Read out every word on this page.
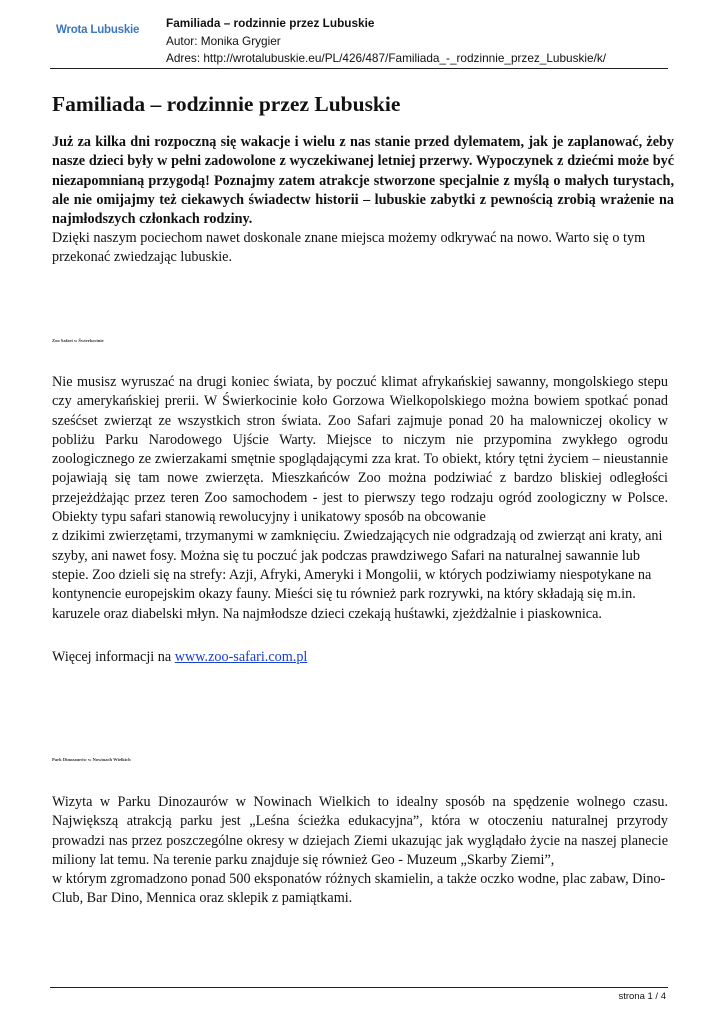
Wrota Lubuskie	Familiada – rodzinnie przez Lubuskie
Autor: Monika Grygier
Adres: http://wrotalubuskie.eu/PL/426/487/Familiada_-_rodzinnie_przez_Lubuskie/k/
Familiada – rodzinnie przez Lubuskie

Już za kilka dni rozpoczną się wakacje i wielu z nas stanie przed dylematem, jak je zaplanować, żeby nasze dzieci były w pełni zadowolone z wyczekiwanej letniej przerwy. Wypoczynek z dziećmi może być niezapomnianą przygodą! Poznajmy zatem atrakcje stworzone specjalnie z myślą o małych turystach, ale nie omijajmy też ciekawych świadectw historii – lubuskie zabytki z pewnością zrobią wrażenie na najmłodszych członkach rodziny.

Dzięki naszym pociechom nawet doskonale znane miejsca możemy odkrywać na nowo. Warto się o tym przekonać zwiedzając lubuskie.

Zoo Safari w Świerkocinie

Nie musisz wyruszać na drugi koniec świata, by poczuć klimat afrykańskiej sawanny, mongolskiego stepu czy amerykańskiej prerii. W Świerkocinie koło Gorzowa Wielkopolskiego można bowiem spotkać ponad sześćset zwierząt ze wszystkich stron świata. Zoo Safari zajmuje ponad 20 ha malowniczej okolicy w pobliżu Parku Narodowego Ujście Warty. Miejsce to niczym nie przypomina zwykłego ogrodu zoologicznego ze zwierzakami smętnie spoglądającymi zza krat. To obiekt, który tętni życiem – nieustannie pojawiają się tam nowe zwierzęta. Mieszkańców Zoo można podziwiać z bardzo bliskiej odległości przejeżdżając przez teren Zoo samochodem - jest to pierwszy tego rodzaju ogród zoologiczny w Polsce. Obiekty typu safari stanowią rewolucyjny i unikatowy sposób na obcowanie
z dzikimi zwierzętami, trzymanymi w zamknięciu. Zwiedzających nie odgradzają od zwierząt ani kraty, ani szyby, ani nawet fosy. Można się tu poczuć jak podczas prawdziwego Safari na naturalnej sawannie lub stepie. Zoo dzieli się na strefy: Azji, Afryki, Ameryki i Mongolii, w których podziwiamy niespotykane na kontynencie europejskim okazy fauny. Mieści się tu również park rozrywki, na który składają się m.in. karuzele oraz diabelski młyn. Na najmłodsze dzieci czekają huśtawki, zjeżdżalnie i piaskownica.

Więcej informacji na www.zoo-safari.com.pl

Park Dinozaurów w Nowinach Wielkich

Wizyta w Parku Dinozaurów w Nowinach Wielkich to idealny sposób na spędzenie wolnego czasu. Największą atrakcją parku jest „Leśna ścieżka edukacyjna”, która w otoczeniu naturalnej przyrody prowadzi nas przez poszczególne okresy w dziejach Ziemi ukazując jak wyglądało życie na naszej planecie miliony lat temu. Na terenie parku znajduje się również Geo - Muzeum „Skarby Ziemi”,
w którym zgromadzono ponad 500 eksponatów różnych skamielin, a także oczko wodne, plac zabaw, Dino-Club, Bar Dino, Mennica oraz sklepik z pamiątkami.

strona 1 / 4
